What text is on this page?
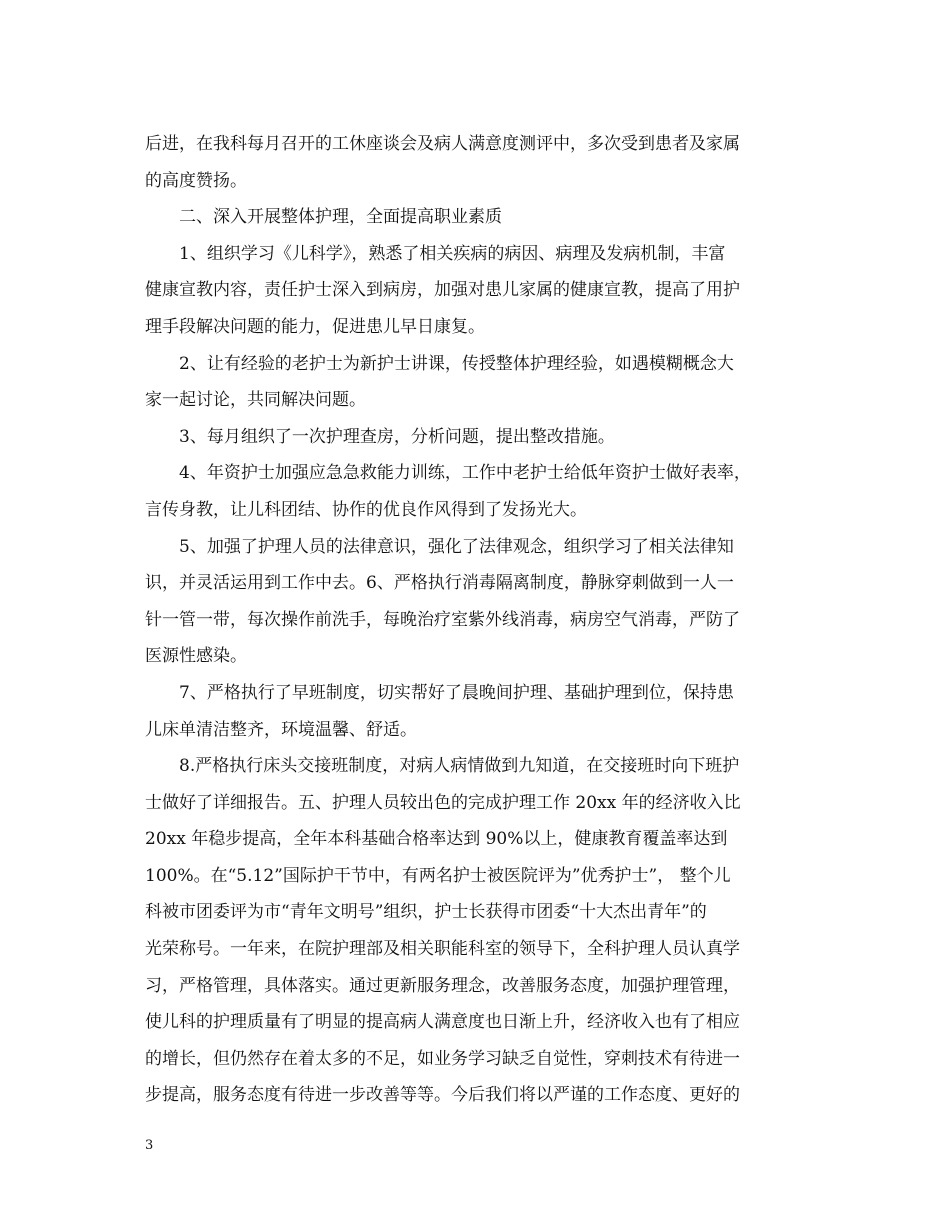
后进，在我科每月召开的工休座谈会及病人满意度测评中，多次受到患者及家属
的高度赞扬。
二、深入开展整体护理，全面提高职业素质
1、组织学习《儿科学》，熟悉了相关疾病的病因、病理及发病机制，丰富
健康宣教内容，责任护士深入到病房，加强对患儿家属的健康宣教，提高了用护
理手段解决问题的能力，促进患儿早日康复。
2、让有经验的老护士为新护士讲课，传授整体护理经验，如遇模糊概念大
家一起讨论，共同解决问题。
3、每月组织了一次护理查房，分析问题，提出整改措施。
4、年资护士加强应急急救能力训练，工作中老护士给低年资护士做好表率，
言传身教，让儿科团结、协作的优良作风得到了发扬光大。
5、加强了护理人员的法律意识，强化了法律观念，组织学习了相关法律知
识，并灵活运用到工作中去。6、严格执行消毒隔离制度，静脉穿刺做到一人一
针一管一带，每次操作前洗手，每晚治疗室紫外线消毒，病房空气消毒，严防了
医源性感染。
7、严格执行了早班制度，切实帮好了晨晚间护理、基础护理到位，保持患
儿床单清洁整齐，环境温馨、舒适。
8.严格执行床头交接班制度，对病人病情做到九知道，在交接班时向下班护
士做好了详细报告。五、护理人员较出色的完成护理工作 20xx 年的经济收入比
20xx 年稳步提高，全年本科基础合格率达到 90%以上，健康教育覆盖率达到
100%。在“5.12”国际护干节中，有两名护士被医院评为”优秀护士”， 整个儿
科被市团委评为市“青年文明号”组织，护士长获得市团委“十大杰出青年”的
光荣称号。一年来，在院护理部及相关职能科室的领导下，全科护理人员认真学
习，严格管理，具体落实。通过更新服务理念，改善服务态度，加强护理管理，
使儿科的护理质量有了明显的提高病人满意度也日渐上升，经济收入也有了相应
的增长，但仍然存在着太多的不足，如业务学习缺乏自觉性，穿刺技术有待进一
步提高，服务态度有待进一步改善等等。今后我们将以严谨的工作态度、更好的
3
